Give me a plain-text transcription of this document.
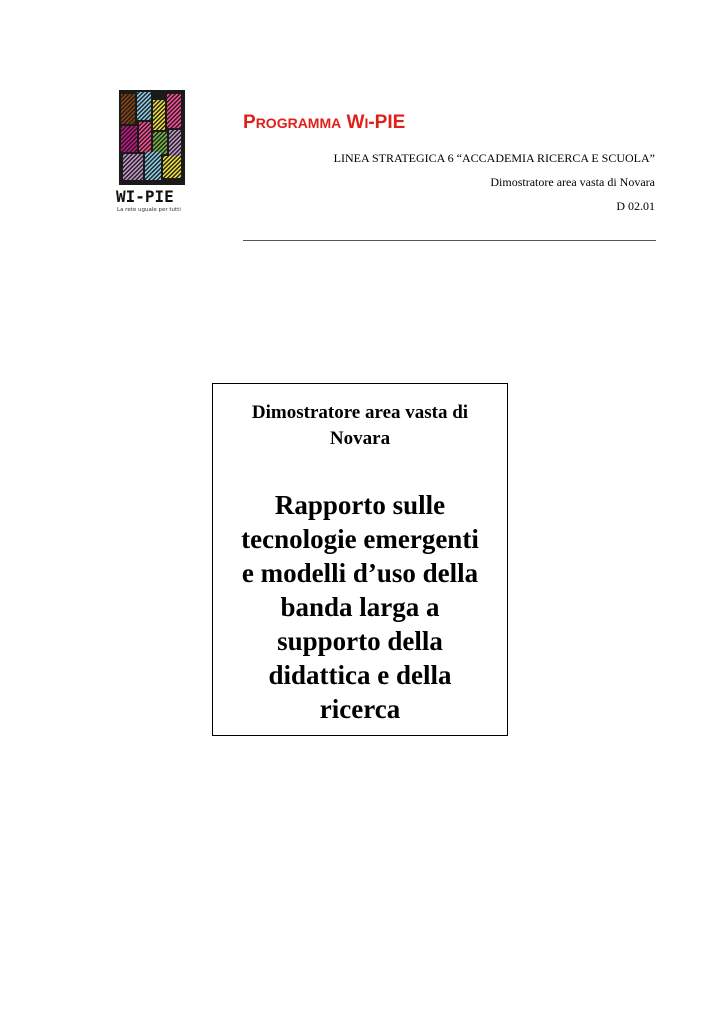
WI-PIE
La rete uguale per tutti
PROGRAMMA WI-PIE
LINEA STRATEGICA 6 “ACCADEMIA RICERCA E SCUOLA”
Dimostratore area vasta di Novara
D 02.01
Dimostratore area vasta di
Novara
Rapporto sulle
tecnologie emergenti
e modelli d’uso della
banda larga a
supporto della
didattica e della
ricerca
